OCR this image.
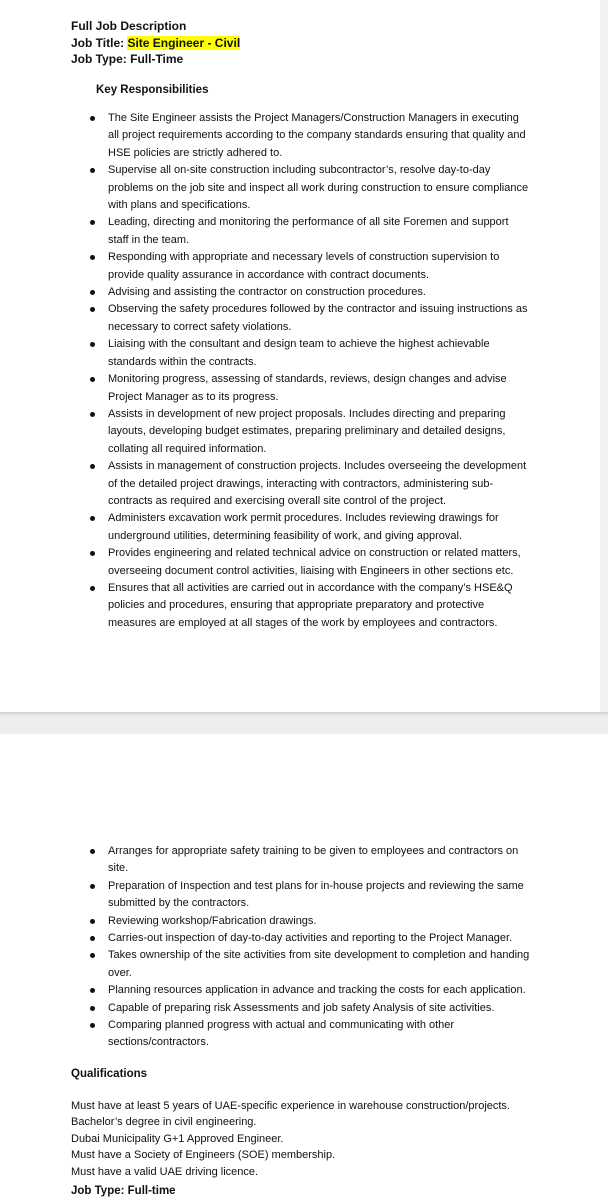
Full Job Description
Job Title: Site Engineer - Civil
Job Type: Full-Time
Key Responsibilities
The Site Engineer assists the Project Managers/Construction Managers in executing all project requirements according to the company standards ensuring that quality and HSE policies are strictly adhered to.
Supervise all on-site construction including subcontractor’s, resolve day-to-day problems on the job site and inspect all work during construction to ensure compliance with plans and specifications.
Leading, directing and monitoring the performance of all site Foremen and support staff in the team.
Responding with appropriate and necessary levels of construction supervision to provide quality assurance in accordance with contract documents.
Advising and assisting the contractor on construction procedures.
Observing the safety procedures followed by the contractor and issuing instructions as necessary to correct safety violations.
Liaising with the consultant and design team to achieve the highest achievable standards within the contracts.
Monitoring progress, assessing of standards, reviews, design changes and advise Project Manager as to its progress.
Assists in development of new project proposals. Includes directing and preparing layouts, developing budget estimates, preparing preliminary and detailed designs, collating all required information.
Assists in management of construction projects. Includes overseeing the development of the detailed project drawings, interacting with contractors, administering sub-contracts as required and exercising overall site control of the project.
Administers excavation work permit procedures. Includes reviewing drawings for underground utilities, determining feasibility of work, and giving approval.
Provides engineering and related technical advice on construction or related matters, overseeing document control activities, liaising with Engineers in other sections etc.
Ensures that all activities are carried out in accordance with the company’s HSE&Q policies and procedures, ensuring that appropriate preparatory and protective measures are employed at all stages of the work by employees and contractors.
Arranges for appropriate safety training to be given to employees and contractors on site.
Preparation of Inspection and test plans for in-house projects and reviewing the same submitted by the contractors.
Reviewing workshop/Fabrication drawings.
Carries-out inspection of day-to-day activities and reporting to the Project Manager.
Takes ownership of the site activities from site development to completion and handing over.
Planning resources application in advance and tracking the costs for each application.
Capable of preparing risk Assessments and job safety Analysis of site activities.
Comparing planned progress with actual and communicating with other sections/contractors.
Qualifications
Must have at least 5 years of UAE-specific experience in warehouse construction/projects.
Bachelor’s degree in civil engineering.
Dubai Municipality G+1 Approved Engineer.
Must have a Society of Engineers (SOE) membership.
Must have a valid UAE driving licence.
Job Type: Full-time
